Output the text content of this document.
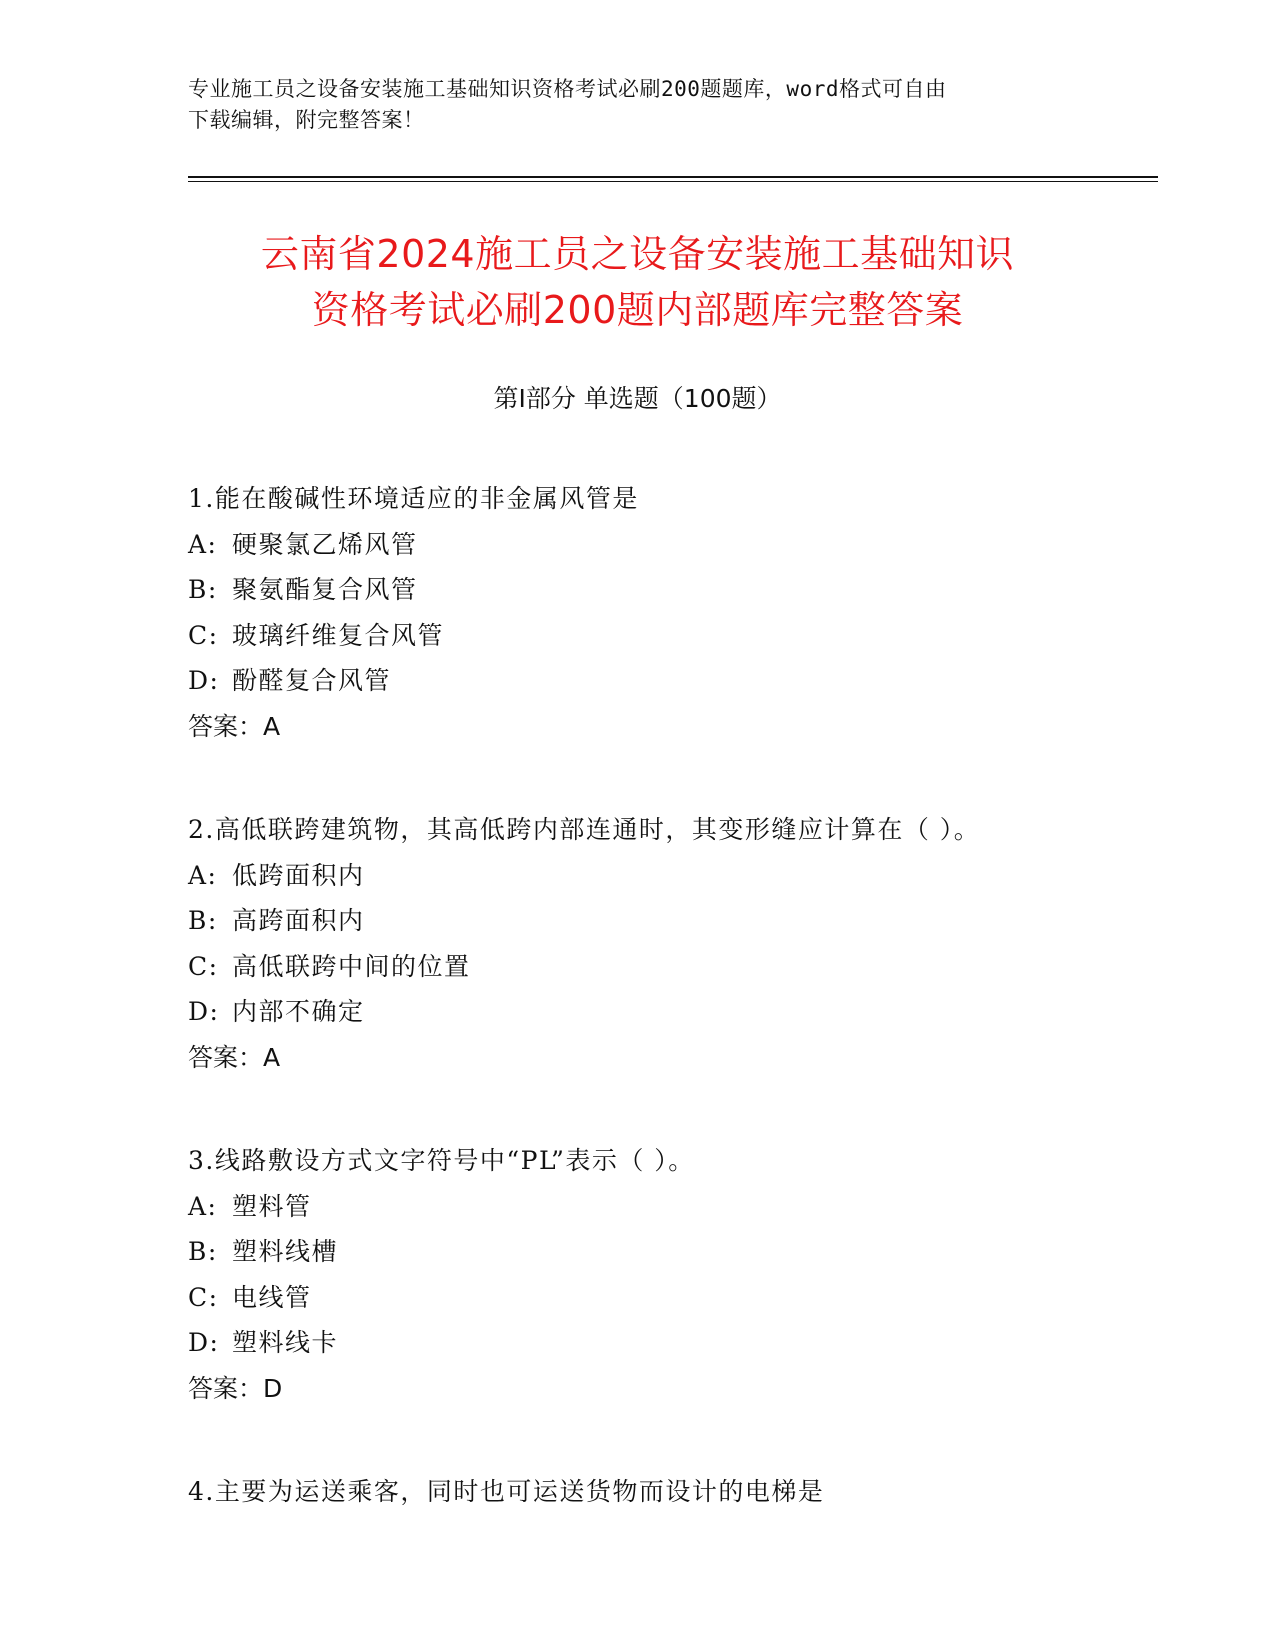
专业施工员之设备安装施工基础知识资格考试必刷200题题库，word格式可自由
下载编辑，附完整答案！
云南省2024施工员之设备安装施工基础知识
资格考试必刷200题内部题库完整答案
第Ⅰ部分 单选题（100题）
1.能在酸碱性环境适应的非金属风管是
A: 硬聚氯乙烯风管
B: 聚氨酯复合风管
C: 玻璃纤维复合风管
D: 酚醛复合风管
答案：A
2.高低联跨建筑物，其高低跨内部连通时，其变形缝应计算在（ ）。
A: 低跨面积内
B: 高跨面积内
C: 高低联跨中间的位置
D: 内部不确定
答案：A
3.线路敷设方式文字符号中“PL”表示（ ）。
A: 塑料管
B: 塑料线槽
C: 电线管
D: 塑料线卡
答案：D
4.主要为运送乘客，同时也可运送货物而设计的电梯是
